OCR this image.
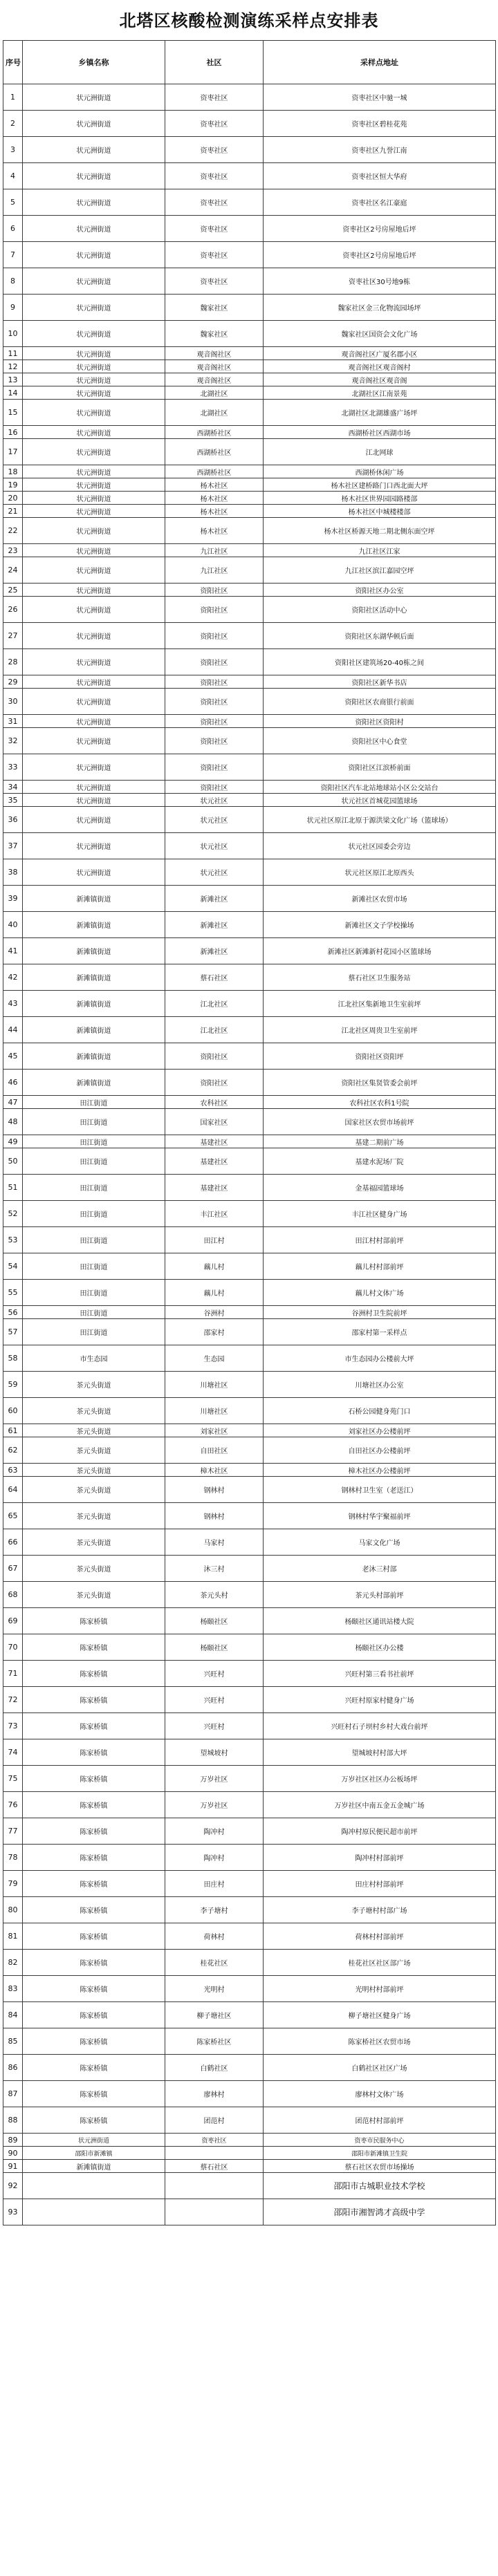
北塔区核酸检测演练采样点安排表
序号	乡镇名称	社区	采样点地址
1	状元洲街道	资枣社区	资枣社区中驰一城
2	状元洲街道	资枣社区	资枣社区碧桂花苑
3	状元洲街道	资枣社区	资枣社区九誉江南
4	状元洲街道	资枣社区	资枣社区恒大华府
5	状元洲街道	资枣社区	资枣社区名江豪庭
6	状元洲街道	资枣社区	资枣社区2号房屋地后坪
7	状元洲街道	资枣社区	资枣社区2号房屋地后坪
8	状元洲街道	资枣社区	资枣社区30号地9栋
9	状元洲街道	魏家社区	魏家社区金三化物流园场坪
10	状元洲街道	魏家社区	魏家社区国资会文化广场
11	状元洲街道	观音阁社区	观音阁社区广厦名郡小区
12	状元洲街道	观音阁社区	观音阁社区观音阁村
13	状元洲街道	观音阁社区	观音阁社区观音阁
14	状元洲街道	北湖社区	北湖社区江南景苑
15	状元洲街道	北湖社区	北湖社区北湖雄盛广场坪
16	状元洲街道	西湖桥社区	西湖桥社区西湖市场
17	状元洲街道	西湖桥社区	江北网球
18	状元洲街道	西湖桥社区	西湖桥休闲广场
19	状元洲街道	杨木社区	杨木社区建桥路门口西北面大坪
20	状元洲街道	杨木社区	杨木社区世界园园路楼部
21	状元洲街道	杨木社区	杨木社区中城楼楼部
22	状元洲街道	杨木社区	杨木社区桥源天地二期北侧东面空坪
23	状元洲街道	九江社区	九江社区江家
24	状元洲街道	九江社区	九江社区滨江嘉园空坪
25	状元洲街道	资阳社区	资阳社区办公室
26	状元洲街道	资阳社区	资阳社区活动中心
27	状元洲街道	资阳社区	资阳社区东湖华顿后面
28	状元洲街道	资阳社区	资阳社区建筑场20-40栋之间
29	状元洲街道	资阳社区	资阳社区新华书店
30	状元洲街道	资阳社区	资阳社区农商银行前面
31	状元洲街道	资阳社区	资阳社区资阳村
32	状元洲街道	资阳社区	资阳社区中心食堂
33	状元洲街道	资阳社区	资阳社区江滨桥前面
34	状元洲街道	资阳社区	资阳社区汽车北站地球站小区公交站台
35	状元洲街道	状元社区	状元社区首城花园篮球场
36	状元洲街道	状元社区	状元社区原江北原于源洪梁文化广场（篮球场）
37	状元洲街道	状元社区	状元社区园委会旁边
38	状元洲街道	状元社区	状元社区原江北原西头
39	新滩镇街道	新滩社区	新滩社区农贸市场
40	新滩镇街道	新滩社区	新滩社区文子学校操场
41	新滩镇街道	新滩社区	新滩社区新滩新村花园小区篮球场
42	新滩镇街道	蔡石社区	蔡石社区卫生服务站
43	新滩镇街道	江北社区	江北社区集新地卫生室前坪
44	新滩镇街道	江北社区	江北社区周贵卫生室前坪
45	新滩镇街道	资阳社区	资阳社区资阳坪
46	新滩镇街道	资阳社区	资阳社区集贤管委会前坪
47	田江街道	农科社区	农科社区农科1号院
48	田江街道	国家社区	国家社区农贸市场前坪
49	田江街道	基建社区	基建二期前广场
50	田江街道	基建社区	基建水泥场厂院
51	田江街道	基建社区	金基福园篮球场
52	田江街道	丰江社区	丰江社区健身广场
53	田江街道	田江村	田江村村部前坪
54	田江街道	藕儿村	藕儿村村部前坪
55	田江街道	藕儿村	藕儿村文体广场
56	田江街道	谷洲村	谷洲村卫生院前坪
57	田江街道	邵家村	邵家村第一采样点
58	市生态园	生态园	市生态园办公楼前大坪
59	茶元头街道	川塘社区	川塘社区办公室
60	茶元头街道	川塘社区	石桥公园健身苑门口
61	茶元头街道	刘家社区	刘家社区办公楼前坪
62	茶元头街道	自田社区	自田社区办公楼前坪
63	茶元头街道	樟木社区	樟木社区办公楼前坪
64	茶元头街道	钢林村	钢林村卫生室（老送江）
65	茶元头街道	钢林村	钢林村华宇聚福前坪
66	茶元头街道	马家村	马家文化广场
67	茶元头街道	沐三村	老沐三村部
68	茶元头街道	茶元头村	茶元头村部前坪
69	陈家桥镇	杨颐社区	杨颐社区通讯站楼大院
70	陈家桥镇	杨颐社区	杨颐社区办公楼
71	陈家桥镇	兴旺村	兴旺村第三看书社前坪
72	陈家桥镇	兴旺村	兴旺村原家村健身广场
73	陈家桥镇	兴旺村	兴旺村石子坝村乡村大戏台前坪
74	陈家桥镇	望城坡村	望城坡村村部大坪
75	陈家桥镇	万岁社区	万岁社区社区办公板场坪
76	陈家桥镇	万岁社区	万岁社区中南五金五金城广场
77	陈家桥镇	陶冲村	陶冲村原民便民超市前坪
78	陈家桥镇	陶冲村	陶冲村村部前坪
79	陈家桥镇	田庄村	田庄村村部前坪
80	陈家桥镇	李子塘村	李子塘村村部广场
81	陈家桥镇	荷林村	荷林村村部前坪
82	陈家桥镇	桂花社区	桂花社区社区部广场
83	陈家桥镇	光明村	光明村村部前坪
84	陈家桥镇	柳子塘社区	柳子塘社区健身广场
85	陈家桥镇	陈家桥社区	陈家桥社区农贸市场
86	陈家桥镇	白鹤社区	白鹤社区社区广场
87	陈家桥镇	廖林村	廖林村文体广场
88	陈家桥镇	团范村	团范村村部前坪
89	状元洲街道	资枣社区	资枣市民服务中心
90	邵阳市新滩镇		邵阳市新滩镇卫生院
91	新滩镇街道	蔡石社区	蔡石社区农贸市场操场
92			邵阳市古城职业技术学校
93			邵阳市湘智鸿才高级中学
